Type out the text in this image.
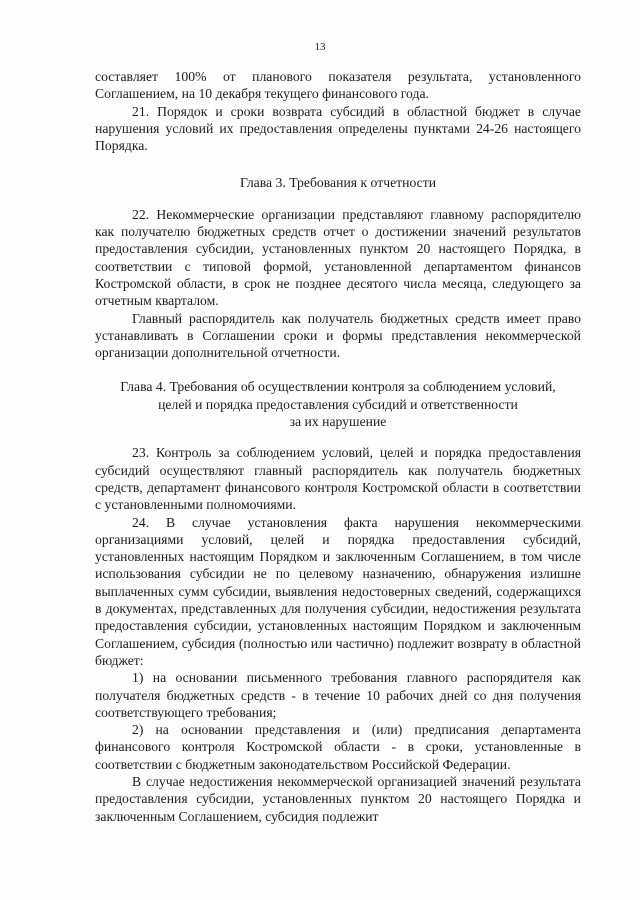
13

составляет 100% от планового показателя результата, установленного Соглашением, на 10 декабря текущего финансового года.

21. Порядок и сроки возврата субсидий в областной бюджет в случае нарушения условий их предоставления определены пунктами 24-26 настоящего Порядка.

Глава 3. Требования к отчетности

22. Некоммерческие организации представляют главному распорядителю как получателю бюджетных средств отчет о достижении значений результатов предоставления субсидии, установленных пунктом 20 настоящего Порядка, в соответствии с типовой формой, установленной департаментом финансов Костромской области, в срок не позднее десятого числа месяца, следующего за отчетным кварталом.

Главный распорядитель как получатель бюджетных средств имеет право устанавливать в Соглашении сроки и формы представления некоммерческой организации дополнительной отчетности.

Глава 4. Требования об осуществлении контроля за соблюдением условий,

целей и порядка предоставления субсидий и ответственности

за их нарушение

23. Контроль за соблюдением условий, целей и порядка предоставления субсидий осуществляют главный распорядитель как получатель бюджетных средств, департамент финансового контроля Костромской области в соответствии с установленными полномочиями.

24. В случае установления факта нарушения некоммерческими организациями условий, целей и порядка предоставления субсидий, установленных настоящим Порядком и заключенным Соглашением, в том числе использования субсидии не по целевому назначению, обнаружения излишне выплаченных сумм субсидии, выявления недостоверных сведений, содержащихся в документах, представленных для получения субсидии, недостижения результата предоставления субсидии, установленных настоящим Порядком и заключенным Соглашением, субсидия (полностью или частично) подлежит возврату в областной бюджет:

1) на основании письменного требования главного распорядителя как получателя бюджетных средств - в течение 10 рабочих дней со дня получения соответствующего требования;

2) на основании представления и (или) предписания департамента финансового контроля Костромской области - в сроки, установленные в соответствии с бюджетным законодательством Российской Федерации.

В случае недостижения некоммерческой организацией значений результата предоставления субсидии, установленных пунктом 20 настоящего Порядка и заключенным Соглашением, субсидия подлежит
